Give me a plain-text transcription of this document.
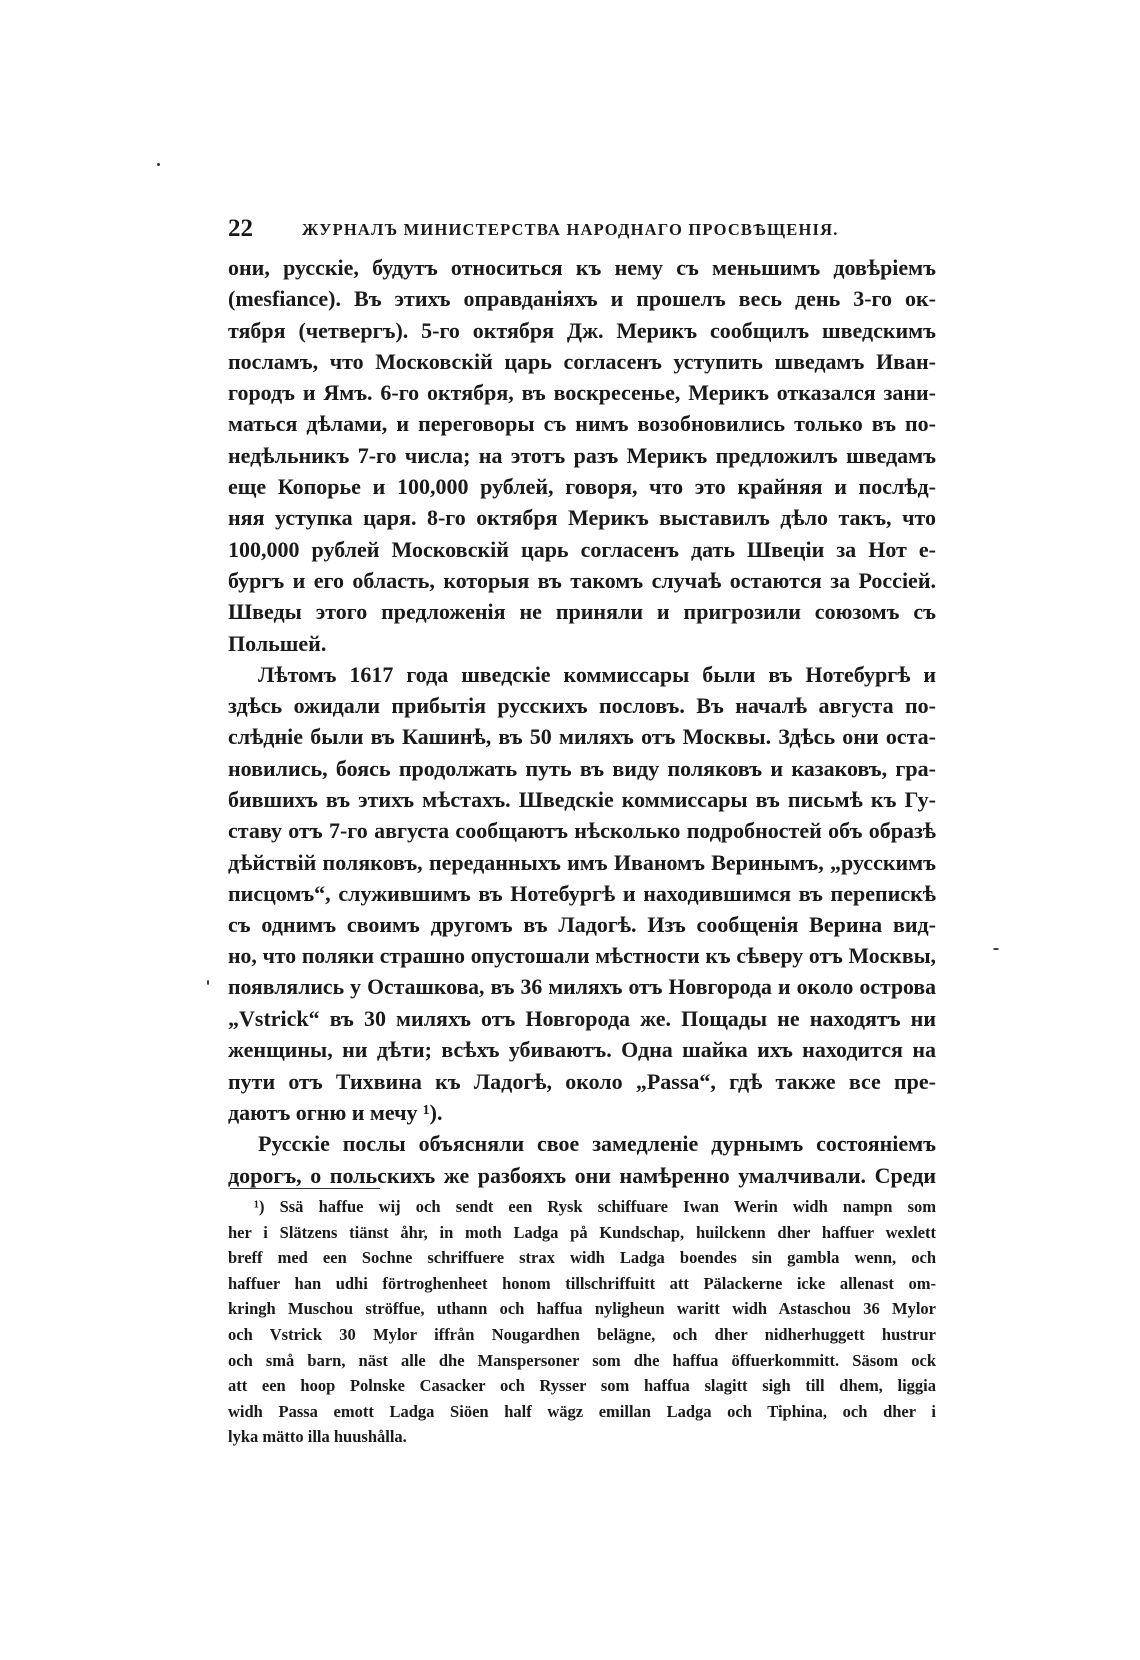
22	ЖУРНАЛЪ МИНИСТЕРСТВА НАРОДНАГО ПРОСВѢЩЕНІЯ.
они, русскіе, будутъ относиться къ нему съ меньшимъ довѣріемъ
(mesfiance). Въ этихъ оправданіяхъ и прошелъ весь день 3-го ок-
тября (четвергъ). 5-го октября Дж. Мерикъ сообщилъ шведскимъ
посламъ, что Московскій царь согласенъ уступить шведамъ Иван-
городъ и Ямъ. 6-го октября, въ воскресенье, Мерикъ отказался зани-
маться дѣлами, и переговоры съ нимъ возобновились только въ по-
недѣльникъ 7-го числа; на этотъ разъ Мерикъ предложилъ шведамъ
еще Копорье и 100,000 рублей, говоря, что это крайняя и послѣд-
няя уступка царя. 8-го октября Мерикъ выставилъ дѣло такъ, что
100,000 рублей Московскій царь согласенъ дать Швеціи за Нот е-
бургъ и его область, которыя въ такомъ случаѣ остаются за Россіей.
Шведы этого предложенія не приняли и пригрозили союзомъ съ
Польшей.
Лѣтомъ 1617 года шведскіе коммиссары были въ Нотебургѣ и
здѣсь ожидали прибытія русскихъ пословъ. Въ началѣ августа по-
слѣдніе были въ Кашинѣ, въ 50 миляхъ отъ Москвы. Здѣсь они оста-
новились, боясь продолжать путь въ виду поляковъ и казаковъ, гра-
бившихъ въ этихъ мѣстахъ. Шведскіе коммиссары въ письмѣ къ Гу-
ставу отъ 7-го августа сообщаютъ нѣсколько подробностей объ образѣ
дѣйствій поляковъ, переданныхъ имъ Иваномъ Веринымъ, „русскимъ
писцомъ“, служившимъ въ Нотебургѣ и находившимся въ перепискѣ
съ однимъ своимъ другомъ въ Ладогѣ. Изъ сообщенія Верина вид-
но, что поляки страшно опустошали мѣстности къ сѣверу отъ Москвы,
появлялись у Осташкова, въ 36 миляхъ отъ Новгорода и около острова
„Vstrick“ въ 30 миляхъ отъ Новгорода же. Пощады не находятъ ни
женщины, ни дѣти; всѣхъ убиваютъ. Одна шайка ихъ находится на
пути отъ Тихвина къ Ладогѣ, около „Passa“, гдѣ также все пре-
даютъ огню и мечу ¹).
Русскіе послы объясняли свое замедленіе дурнымъ состояніемъ
дорогъ, о польскихъ же разбояхъ они намѣренно умалчивали. Среди
¹) Ssä haffue wij och sendt een Rysk schiffuare Iwan Werin widh nampn som
her i Slätzens tiänst åhr, in moth Ladga på Kundschap, huilckenn dher haffuer wexlett
breff med een Sochne schriffuere strax widh Ladga boendes sin gambla wenn, och
haffuer han udhi förtroghenheet honom tillschriffuitt att Pälackerne icke allenast om-
kringh Muschou ströffue, uthann och haffua nyligheun waritt widh Astaschou 36 Mylor
och Vstrick 30 Mylor iffrån Nougardhen belägne, och dher nidherhuggett hustrur
och små barn, näst alle dhe Manspersoner som dhe haffua öffuerkommitt. Säsom ock
att een hoop Polnske Casacker och Rysser som haffua slagitt sigh till dhem, liggia
widh Passa emott Ladga Siöen half wägz emillan Ladga och Tiphina, och dher i
lyka mätto illa huushålla.
